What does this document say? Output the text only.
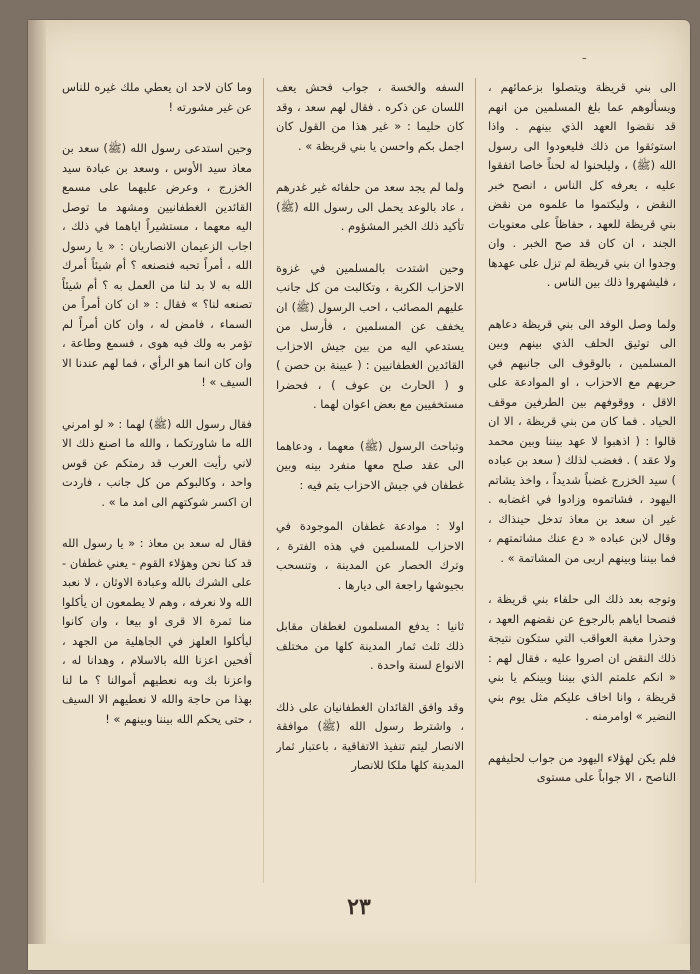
ـ

الى بني قريظة ويتصلوا بزعمائهم ، ويسألوهم عما بلغ المسلمين من انهم قد نقضوا العهد الذي بينهم . واذا استوثقوا من ذلك فليعودوا الى رسول الله (ﷺ) ، وليلحنوا له لحناً خاصا اتفقوا عليه ، يعرفه كل الناس ، انصح خبر النقض ، وليكتموا ما علموه من نقض بني قريظة للعهد ، حفاظاً على معنويات الجند ، ان كان قد صح الخبر . وان وجدوا ان بني قريظة لم تزل على عهدها ، فليشهروا ذلك بين الناس .

ولما وصل الوفد الى بني قريظة دعاهم الى توثيق الحلف الذي بينهم وبين المسلمين ، بالوقوف الى جانبهم في حربهم مع الاحزاب ، او الموادعة على الاقل ، ووقوفهم بين الطرفين موقف الحياد . فما كان من بني قريظة ، الا ان قالوا : ( اذهبوا لا عهد بيننا وبين محمد ولا عقد ) . فغضب لذلك ( سعد بن عباده ) سيد الخزرج غضباً شديداً ، واخذ يشاتم اليهود ، فشاتموه وزادوا في اغضابه . غير ان سعد بن معاذ تدخل حينذاك ، وقال لابن عباده « دع عنك مشاتمتهم ، فما بيننا وبينهم اربى من المشاتمة » .

وتوجه بعد ذلك الى حلفاء بني قريظة ، فنصحا اياهم بالرجوع عن نقضهم العهد ، وحذرا مغبة العواقب التي ستكون نتيجة ذلك النقض ان اصروا عليه ، فقال لهم : « انكم علمتم الذي بيننا وبينكم يا بني قريظة ، وانا اخاف عليكم مثل يوم بني النضير » اوامرمنه .

فلم يكن لهؤلاء اليهود من جواب لحليفهم الناصح ، الا جواباً على مستوى

السفه والخسة ، جواب فحش يعف اللسان عن ذكره . فقال لهم سعد ، وقد كان حليما : « غير هذا من القول كان اجمل بكم واحسن يا بني قريظة » .

ولما لم يجد سعد من حلفائه غير غدرهم ، عاد بالوعد يحمل الى رسول الله (ﷺ) تأكيد ذلك الخبر المشؤوم .

وحين اشتدت بالمسلمين في غزوة الاحزاب الكربة ، وتكالبت من كل جانب عليهم المصائب ، احب الرسول (ﷺ) ان يخفف عن المسلمين ، فأرسل من يستدعي اليه من بين جيش الاحزاب القائدين الغطفانيين : ( عيينة بن حصن ) و ( الحارث بن عوف ) ، فحضرا مستخفيين مع بعض اعوان لهما .

وتباحث الرسول (ﷺ) معهما ، ودعاهما الى عقد صلح معها منفرد بينه وبين غطفان في جيش الاحزاب يتم فيه :

اولا : موادعة غطفان الموجودة في الاحزاب للمسلمين في هذه الفترة ، وترك الحصار عن المدينة ، وتنسحب بجيوشها راجعة الى ديارها .

ثانيا : يدفع المسلمون لغطفان مقابل ذلك ثلث ثمار المدينة كلها من مختلف الانواع لسنة واحدة .

وقد وافق القائدان الغطفانيان على ذلك ، واشترط رسول الله (ﷺ) موافقة الانصار ليتم تنفيذ الاتفاقية ، باعتبار ثمار المدينة كلها ملكا للانصار

وما كان لاحد ان يعطي ملك غيره للناس عن غير مشورته !

وحين استدعى رسول الله (ﷺ) سعد بن معاذ سيد الأوس ، وسعد بن عبادة سيد الخزرج ، وعرض عليهما على مسمع القائدين الغطفانيين ومشهد ما توصل اليه معهما ، مستشيراً اياهما في ذلك ، اجاب الزعيمان الانصاريان : « يا رسول الله ، أمراً تحبه فنصنعه ؟ أم شيئاً أمرك الله به لا بد لنا من العمل به ؟ أم شيئاً تصنعه لنا؟ » فقال : « ان كان أمراً من السماء ، فامض له ، وان كان أمراً لم تؤمر به ولك فيه هوى ، فسمع وطاعة ، وان كان انما هو الرأي ، فما لهم عندنا الا السيف » !

فقال رسول الله (ﷺ) لهما : « لو امرني الله ما شاورتكما ، والله ما اصنع ذلك الا لاني رأيت العرب قد رمتكم عن قوس واحد ، وكالبوكم من كل جانب ، فاردت ان اكسر شوكتهم الى امد ما » .

فقال له سعد بن معاذ : « يا رسول الله قد كنا نحن وهؤلاء القوم - يعني غطفان - على الشرك بالله وعبادة الاوثان ، لا نعبد الله ولا نعرفه ، وهم لا يطمعون ان يأكلوا منا ثمرة الا قرى او بيعا ، وان كانوا ليأكلوا العلهز في الجاهلية من الجهد ، أفحين اعزنا الله بالاسلام ، وهدانا له ، واعزنا بك وبه نعطيهم أموالنا ؟ ما لنا بهذا من حاجة والله لا نعطيهم الا السيف ، حتى يحكم الله بيننا وبينهم » !

٢٣
